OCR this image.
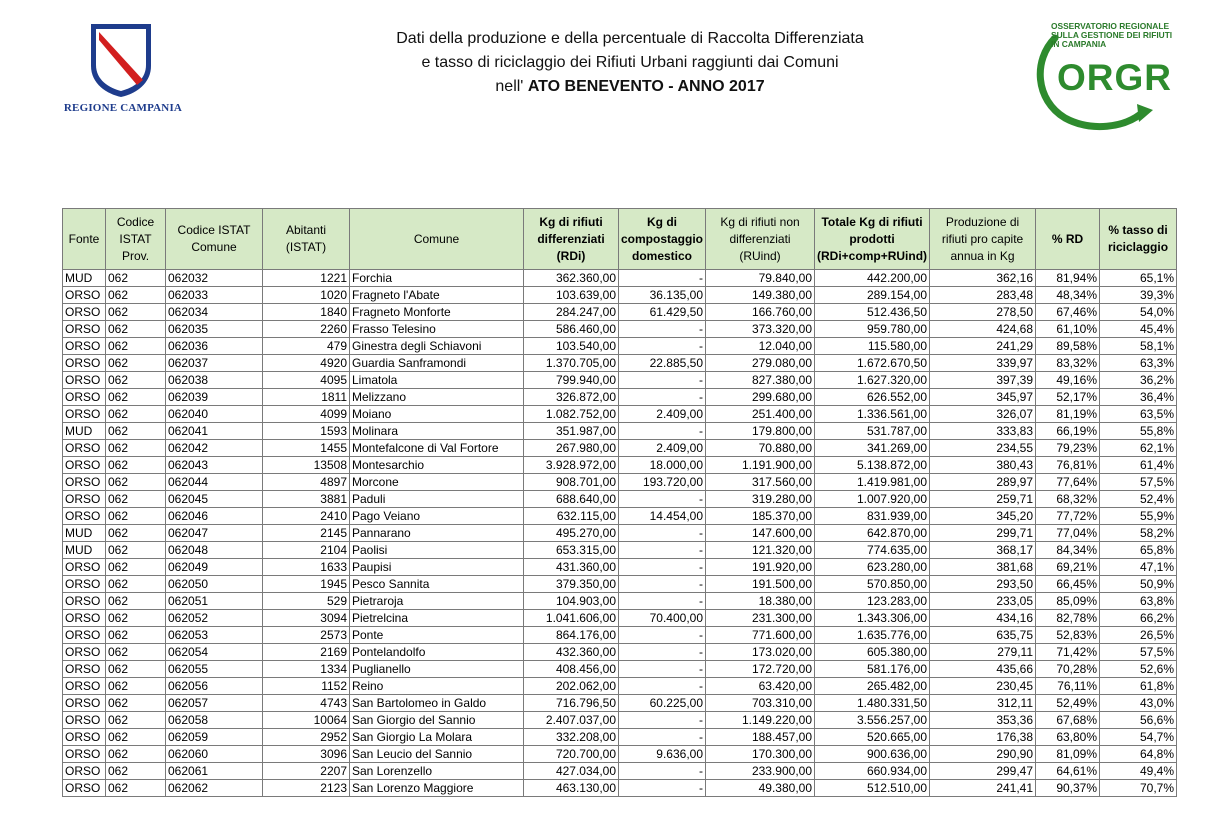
REGIONE CAMPANIA
Dati della produzione e della percentuale di Raccolta Differenziata
e tasso di riciclaggio dei Rifiuti Urbani raggiunti dai Comuni
nell' ATO BENEVENTO - ANNO 2017
OSSERVATORIO REGIONALE
SULLA GESTIONE DEI RIFIUTI
IN CAMPANIA
ORGR
Fonte	Codice ISTAT Prov.	Codice ISTAT Comune	Abitanti (ISTAT)	Comune	Kg di rifiuti differenziati (RDi)	Kg di compostaggio domestico	Kg di rifiuti non differenziati (RUind)	Totale Kg di rifiuti prodotti (RDi+comp+RUind)	Produzione di rifiuti pro capite annua in Kg	% RD	% tasso di riciclaggio
MUD	062	062032	1221	Forchia	362.360,00	-	79.840,00	442.200,00	362,16	81,94%	65,1%
ORSO	062	062033	1020	Fragneto l'Abate	103.639,00	36.135,00	149.380,00	289.154,00	283,48	48,34%	39,3%
ORSO	062	062034	1840	Fragneto Monforte	284.247,00	61.429,50	166.760,00	512.436,50	278,50	67,46%	54,0%
ORSO	062	062035	2260	Frasso Telesino	586.460,00	-	373.320,00	959.780,00	424,68	61,10%	45,4%
ORSO	062	062036	479	Ginestra degli Schiavoni	103.540,00	-	12.040,00	115.580,00	241,29	89,58%	58,1%
ORSO	062	062037	4920	Guardia Sanframondi	1.370.705,00	22.885,50	279.080,00	1.672.670,50	339,97	83,32%	63,3%
ORSO	062	062038	4095	Limatola	799.940,00	-	827.380,00	1.627.320,00	397,39	49,16%	36,2%
ORSO	062	062039	1811	Melizzano	326.872,00	-	299.680,00	626.552,00	345,97	52,17%	36,4%
ORSO	062	062040	4099	Moiano	1.082.752,00	2.409,00	251.400,00	1.336.561,00	326,07	81,19%	63,5%
MUD	062	062041	1593	Molinara	351.987,00	-	179.800,00	531.787,00	333,83	66,19%	55,8%
ORSO	062	062042	1455	Montefalcone di Val Fortore	267.980,00	2.409,00	70.880,00	341.269,00	234,55	79,23%	62,1%
ORSO	062	062043	13508	Montesarchio	3.928.972,00	18.000,00	1.191.900,00	5.138.872,00	380,43	76,81%	61,4%
ORSO	062	062044	4897	Morcone	908.701,00	193.720,00	317.560,00	1.419.981,00	289,97	77,64%	57,5%
ORSO	062	062045	3881	Paduli	688.640,00	-	319.280,00	1.007.920,00	259,71	68,32%	52,4%
ORSO	062	062046	2410	Pago Veiano	632.115,00	14.454,00	185.370,00	831.939,00	345,20	77,72%	55,9%
MUD	062	062047	2145	Pannarano	495.270,00	-	147.600,00	642.870,00	299,71	77,04%	58,2%
MUD	062	062048	2104	Paolisi	653.315,00	-	121.320,00	774.635,00	368,17	84,34%	65,8%
ORSO	062	062049	1633	Paupisi	431.360,00	-	191.920,00	623.280,00	381,68	69,21%	47,1%
ORSO	062	062050	1945	Pesco Sannita	379.350,00	-	191.500,00	570.850,00	293,50	66,45%	50,9%
ORSO	062	062051	529	Pietraroja	104.903,00	-	18.380,00	123.283,00	233,05	85,09%	63,8%
ORSO	062	062052	3094	Pietrelcina	1.041.606,00	70.400,00	231.300,00	1.343.306,00	434,16	82,78%	66,2%
ORSO	062	062053	2573	Ponte	864.176,00	-	771.600,00	1.635.776,00	635,75	52,83%	26,5%
ORSO	062	062054	2169	Pontelandolfo	432.360,00	-	173.020,00	605.380,00	279,11	71,42%	57,5%
ORSO	062	062055	1334	Puglianello	408.456,00	-	172.720,00	581.176,00	435,66	70,28%	52,6%
ORSO	062	062056	1152	Reino	202.062,00	-	63.420,00	265.482,00	230,45	76,11%	61,8%
ORSO	062	062057	4743	San Bartolomeo in Galdo	716.796,50	60.225,00	703.310,00	1.480.331,50	312,11	52,49%	43,0%
ORSO	062	062058	10064	San Giorgio del Sannio	2.407.037,00	-	1.149.220,00	3.556.257,00	353,36	67,68%	56,6%
ORSO	062	062059	2952	San Giorgio La Molara	332.208,00	-	188.457,00	520.665,00	176,38	63,80%	54,7%
ORSO	062	062060	3096	San Leucio del Sannio	720.700,00	9.636,00	170.300,00	900.636,00	290,90	81,09%	64,8%
ORSO	062	062061	2207	San Lorenzello	427.034,00	-	233.900,00	660.934,00	299,47	64,61%	49,4%
ORSO	062	062062	2123	San Lorenzo Maggiore	463.130,00	-	49.380,00	512.510,00	241,41	90,37%	70,7%
